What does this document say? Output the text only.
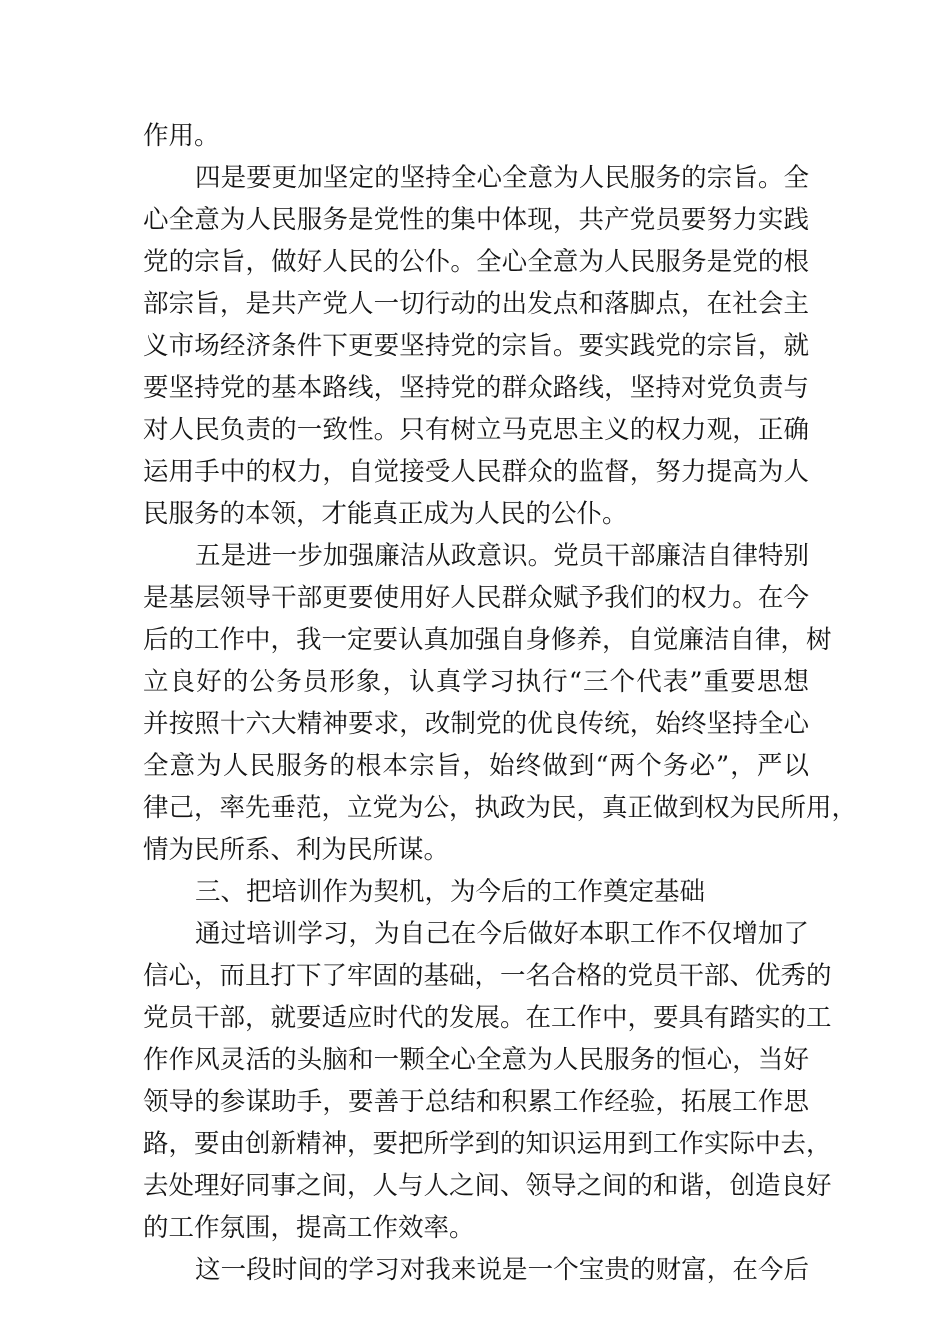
作用。
四是要更加坚定的坚持全心全意为人民服务的宗旨。全
心全意为人民服务是党性的集中体现，共产党员要努力实践
党的宗旨，做好人民的公仆。全心全意为人民服务是党的根
部宗旨，是共产党人一切行动的出发点和落脚点，在社会主
义市场经济条件下更要坚持党的宗旨。要实践党的宗旨，就
要坚持党的基本路线，坚持党的群众路线，坚持对党负责与
对人民负责的一致性。只有树立马克思主义的权力观，正确
运用手中的权力，自觉接受人民群众的监督，努力提高为人
民服务的本领，才能真正成为人民的公仆。
五是进一步加强廉洁从政意识。党员干部廉洁自律特别
是基层领导干部更要使用好人民群众赋予我们的权力。在今
后的工作中，我一定要认真加强自身修养，自觉廉洁自律，树
立良好的公务员形象，认真学习执行“三个代表”重要思想
并按照十六大精神要求，改制党的优良传统，始终坚持全心
全意为人民服务的根本宗旨，始终做到“两个务必”，严以
律己，率先垂范，立党为公，执政为民，真正做到权为民所用，
情为民所系、利为民所谋。
三、把培训作为契机，为今后的工作奠定基础
通过培训学习，为自己在今后做好本职工作不仅增加了
信心，而且打下了牢固的基础，一名合格的党员干部、优秀的
党员干部，就要适应时代的发展。在工作中，要具有踏实的工
作作风灵活的头脑和一颗全心全意为人民服务的恒心，当好
领导的参谋助手，要善于总结和积累工作经验，拓展工作思
路，要由创新精神，要把所学到的知识运用到工作实际中去，
去处理好同事之间，人与人之间、领导之间的和谐，创造良好
的工作氛围，提高工作效率。
这一段时间的学习对我来说是一个宝贵的财富，在今后
